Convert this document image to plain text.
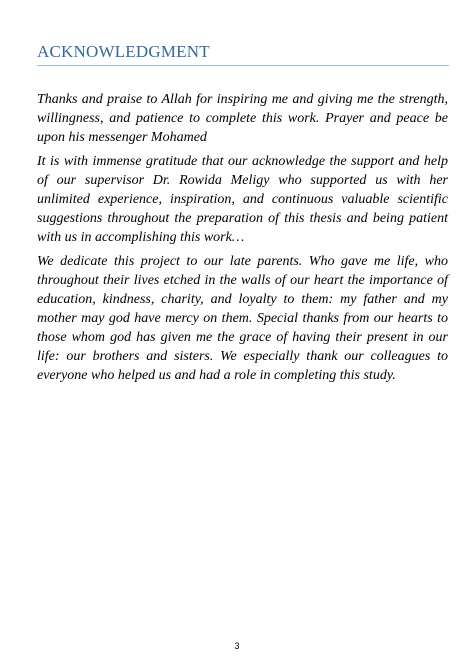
ACKNOWLEDGMENT

Thanks and praise to Allah for inspiring me and giving me the strength, willingness, and patience to complete this work. Prayer and peace be upon his messenger Mohamed

It is with immense gratitude that our acknowledge the support and help of our supervisor Dr. Rowida Meligy who supported us with her unlimited experience, inspiration, and continuous valuable scientific suggestions throughout the preparation of this thesis and being patient with us in accomplishing this work…

We dedicate this project to our late parents. Who gave me life, who throughout their lives etched in the walls of our heart the importance of education, kindness, charity, and loyalty to them: my father and my mother may god have mercy on them. Special thanks from our hearts to those whom god has given me the grace of having their present in our life: our brothers and sisters. We especially thank our colleagues to everyone who helped us and had a role in completing this study.

3
